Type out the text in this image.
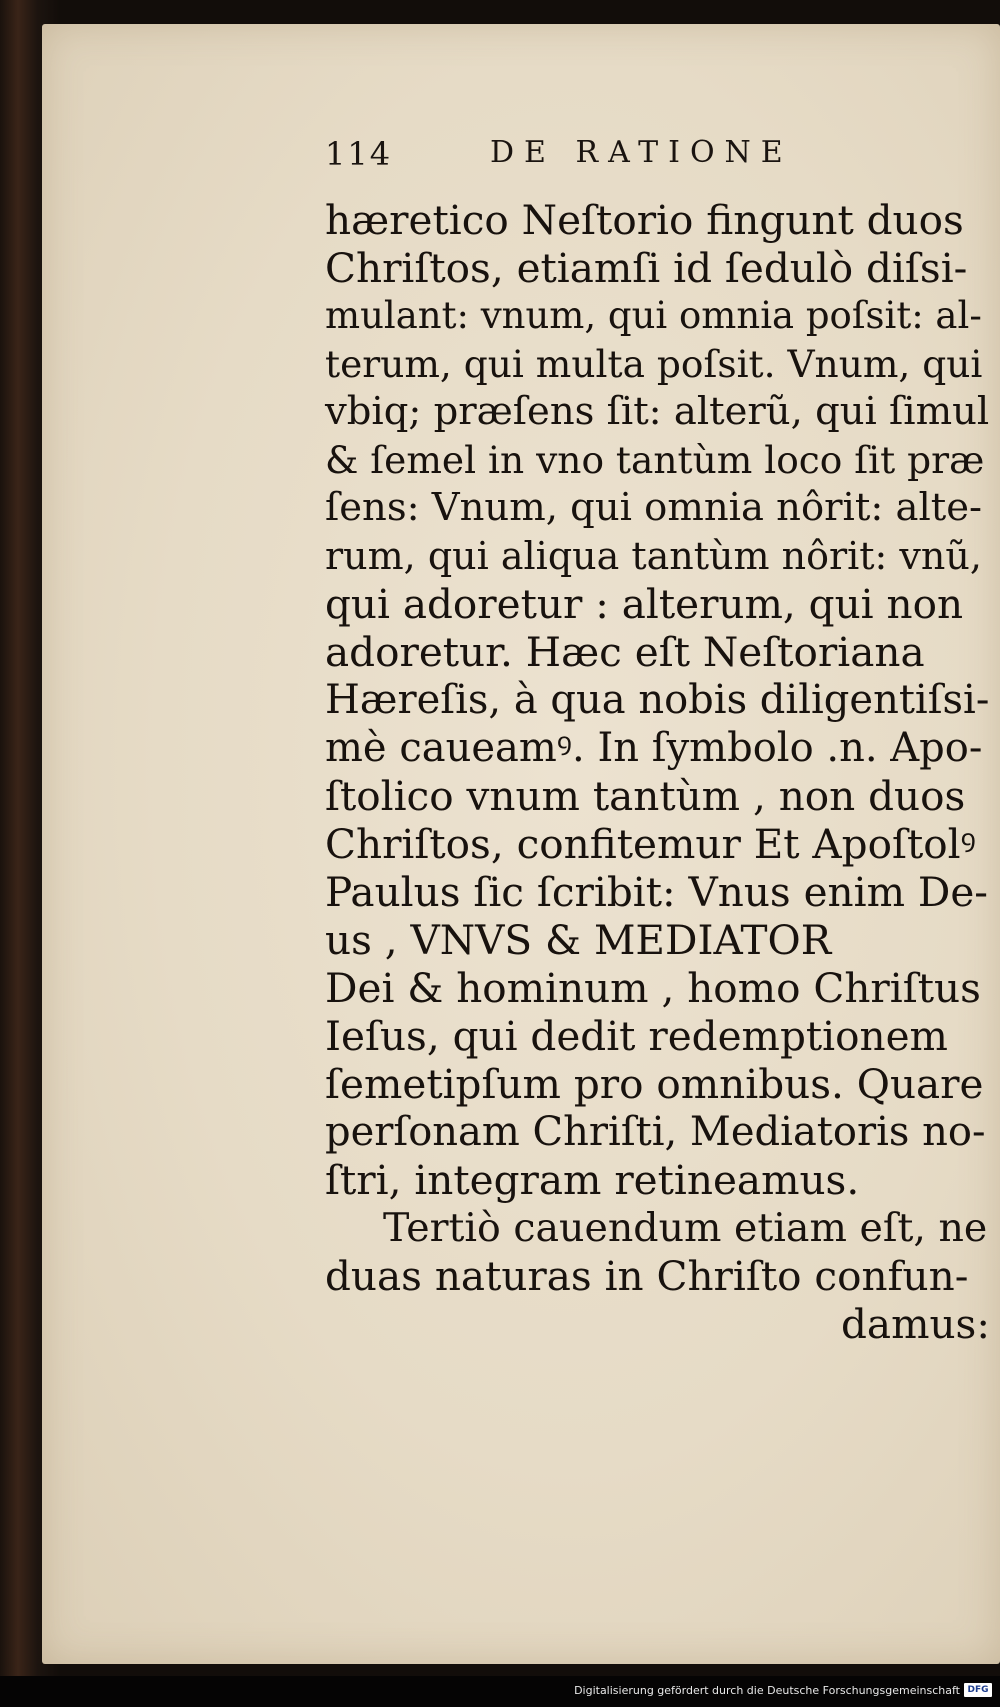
114	DE RATIONE
hæretico Neſtorio fingunt duos
Chriſtos, etiamſi id ſedulò diſsi-
mulant: vnum, qui omnia poſsit: al-
terum, qui multa poſsit. Vnum, qui
vbiq; præſens ſit: alterũ, qui ſimul
& ſemel in vno tantùm loco ſit præ
ſens: Vnum, qui omnia nôrit: alte-
rum, qui aliqua tantùm nôrit: vnũ,
qui adoretur : alterum, qui non
adoretur. Hæc eſt Neſtoriana
Hæreſis, à qua nobis diligentiſsi-
mè caueamꝰ. In ſymbolo .n. Apo-
ſtolico vnum tantùm , non duos
Chriſtos, confitemur Et Apoſtolꝰ
Paulus ſic ſcribit: Vnus enim De-
us , VNVS & MEDIATOR
Dei & hominum , homo Chriſtus
Ieſus, qui dedit redemptionem
ſemetipſum pro omnibus. Quare
perſonam Chriſti, Mediatoris no-
ſtri, integram retineamus.
Tertiò cauendum etiam eſt, ne
duas naturas in Chriſto confun-
damus:
Digitalisierung gefördert durch die Deutsche Forschungsgemeinschaft DFG
